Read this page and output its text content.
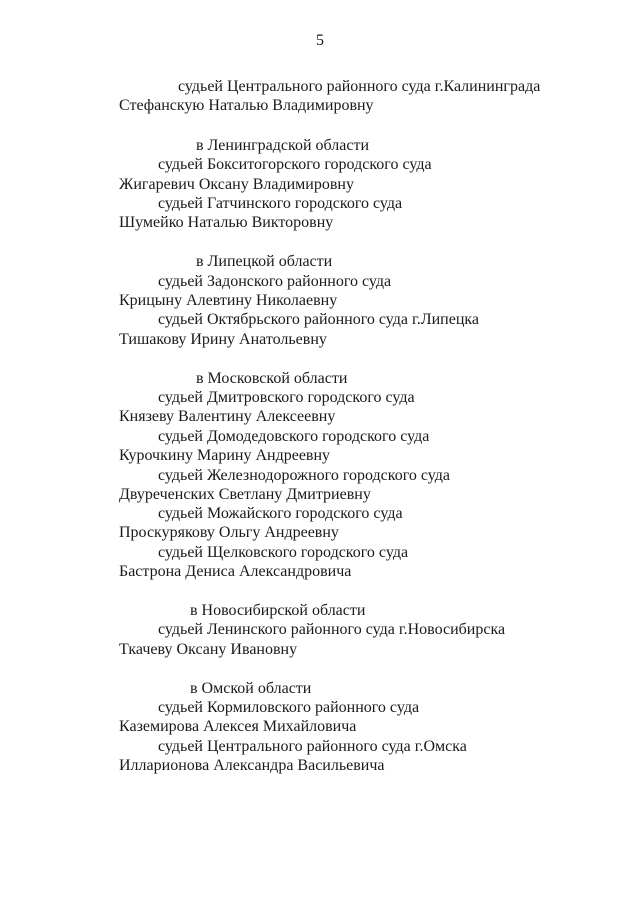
5
судьей Центрального районного суда г.Калининграда
Стефанскую Наталью Владимировну
в Ленинградской области
судьей Бокситогорского городского суда
Жигаревич Оксану Владимировну
судьей Гатчинского городского суда
Шумейко Наталью Викторовну
в Липецкой области
судьей Задонского районного суда
Крицыну Алевтину Николаевну
судьей Октябрьского районного суда г.Липецка
Тишакову Ирину Анатольевну
в Московской области
судьей Дмитровского городского суда
Князеву Валентину Алексеевну
судьей Домодедовского городского суда
Курочкину Марину Андреевну
судьей Железнодорожного городского суда
Двуреченских Светлану Дмитриевну
судьей Можайского городского суда
Проскурякову Ольгу Андреевну
судьей Щелковского городского суда
Бастрона Дениса Александровича
в Новосибирской области
судьей Ленинского районного суда г.Новосибирска
Ткачеву Оксану Ивановну
в Омской области
судьей Кормиловского районного суда
Каземирова Алексея Михайловича
судьей Центрального районного суда г.Омска
Илларионова Александра Васильевича
